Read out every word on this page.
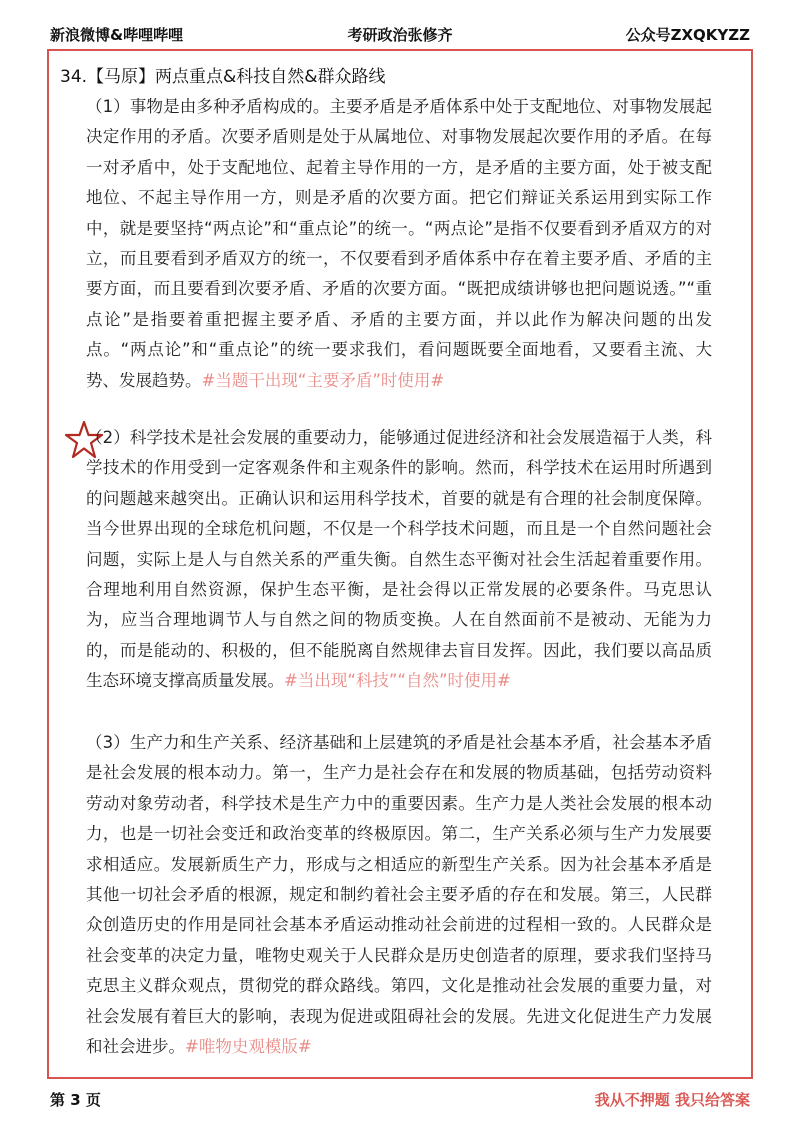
新浪微博&哔哩哔哩	考研政治张修齐	公众号ZXQKYZZ
34.【马原】两点重点&科技自然&群众路线
（1）事物是由多种矛盾构成的。主要矛盾是矛盾体系中处于支配地位、对事物发展起决定作用的矛盾。次要矛盾则是处于从属地位、对事物发展起次要作用的矛盾。在每一对矛盾中，处于支配地位、起着主导作用的一方，是矛盾的主要方面，处于被支配地位、不起主导作用一方，则是矛盾的次要方面。把它们辩证关系运用到实际工作中，就是要坚持“两点论”和“重点论”的统一。“两点论”是指不仅要看到矛盾双方的对立，而且要看到矛盾双方的统一，不仅要看到矛盾体系中存在着主要矛盾、矛盾的主要方面，而且要看到次要矛盾、矛盾的次要方面。“既把成绩讲够也把问题说透。”“重点论”是指要着重把握主要矛盾、矛盾的主要方面，并以此作为解决问题的出发点。“两点论”和“重点论”的统一要求我们，看问题既要全面地看，又要看主流、大势、发展趋势。#当题干出现“主要矛盾”时使用#
（2）科学技术是社会发展的重要动力，能够通过促进经济和社会发展造福于人类，科学技术的作用受到一定客观条件和主观条件的影响。然而，科学技术在运用时所遇到的问题越来越突出。正确认识和运用科学技术，首要的就是有合理的社会制度保障。当今世界出现的全球危机问题，不仅是一个科学技术问题，而且是一个自然问题社会问题，实际上是人与自然关系的严重失衡。自然生态平衡对社会生活起着重要作用。合理地利用自然资源，保护生态平衡，是社会得以正常发展的必要条件。马克思认为，应当合理地调节人与自然之间的物质变换。人在自然面前不是被动、无能为力的，而是能动的、积极的，但不能脱离自然规律去盲目发挥。因此，我们要以高品质生态环境支撑高质量发展。#当出现“科技”“自然”时使用#
（3）生产力和生产关系、经济基础和上层建筑的矛盾是社会基本矛盾，社会基本矛盾是社会发展的根本动力。第一，生产力是社会存在和发展的物质基础，包括劳动资料劳动对象劳动者，科学技术是生产力中的重要因素。生产力是人类社会发展的根本动力，也是一切社会变迁和政治变革的终极原因。第二，生产关系必须与生产力发展要求相适应。发展新质生产力，形成与之相适应的新型生产关系。因为社会基本矛盾是其他一切社会矛盾的根源，规定和制约着社会主要矛盾的存在和发展。第三，人民群众创造历史的作用是同社会基本矛盾运动推动社会前进的过程相一致的。人民群众是社会变革的决定力量，唯物史观关于人民群众是历史创造者的原理，要求我们坚持马克思主义群众观点，贯彻党的群众路线。第四，文化是推动社会发展的重要力量，对社会发展有着巨大的影响，表现为促进或阻碍社会的发展。先进文化促进生产力发展和社会进步。#唯物史观模版#
第 3 页	我从不押题 我只给答案
